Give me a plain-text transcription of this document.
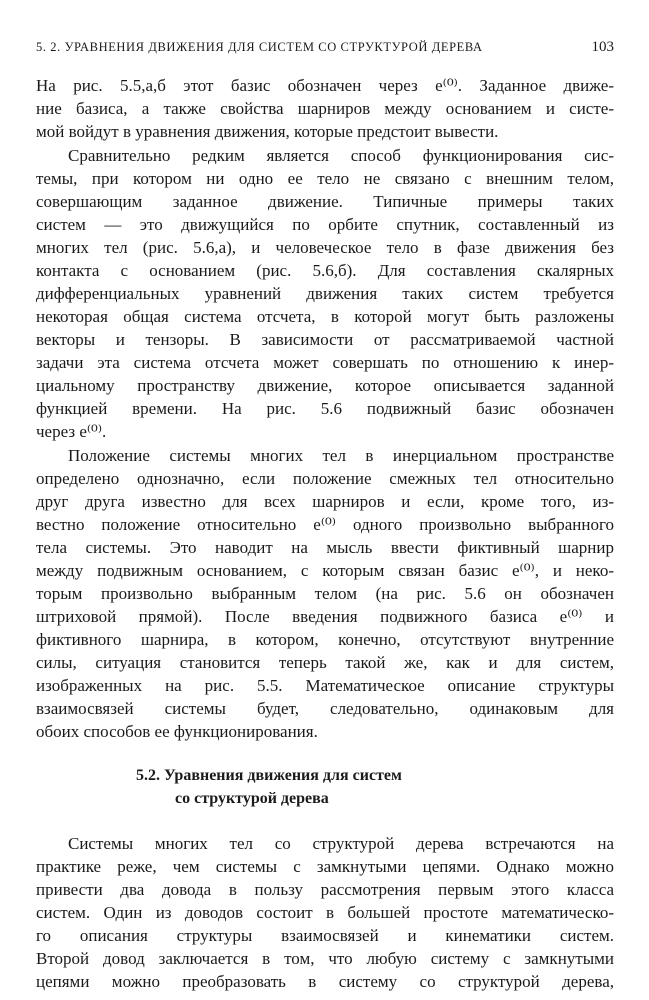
5. 2. УРАВНЕНИЯ ДВИЖЕНИЯ ДЛЯ СИСТЕМ СО СТРУКТУРОЙ ДЕРЕВА	103
На рис. 5.5,а,б этот базис обозначен через e⁽⁰⁾. Заданное движе-
ние базиса, а также свойства шарниров между основанием и систе-
мой войдут в уравнения движения, которые предстоит вывести.
Сравнительно редким является способ функционирования сис-
темы, при котором ни одно ее тело не связано с внешним телом,
совершающим заданное движение. Типичные примеры таких
систем — это движущийся по орбите спутник, составленный из
многих тел (рис. 5.6,а), и человеческое тело в фазе движения без
контакта с основанием (рис. 5.6,б). Для составления скалярных
дифференциальных уравнений движения таких систем требуется
некоторая общая система отсчета, в которой могут быть разложены
векторы и тензоры. В зависимости от рассматриваемой частной
задачи эта система отсчета может совершать по отношению к инер-
циальному пространству движение, которое описывается заданной
функцией времени. На рис. 5.6 подвижный базис обозначен
через e⁽⁰⁾.
Положение системы многих тел в инерциальном пространстве
определено однозначно, если положение смежных тел относительно
друг друга известно для всех шарниров и если, кроме того, из-
вестно положение относительно e⁽⁰⁾ одного произвольно выбранного
тела системы. Это наводит на мысль ввести фиктивный шарнир
между подвижным основанием, с которым связан базис e⁽⁰⁾, и неко-
торым произвольно выбранным телом (на рис. 5.6 он обозначен
штриховой прямой). После введения подвижного базиса e⁽⁰⁾ и
фиктивного шарнира, в котором, конечно, отсутствуют внутренние
силы, ситуация становится теперь такой же, как и для систем,
изображенных на рис. 5.5. Математическое описание структуры
взаимосвязей системы будет, следовательно, одинаковым для
обоих способов ее функционирования.
5.2. Уравнения движения для систем
со структурой дерева
Системы многих тел со структурой дерева встречаются на
практике реже, чем системы с замкнутыми цепями. Однако можно
привести два довода в пользу рассмотрения первым этого класса
систем. Один из доводов состоит в большей простоте математическо-
го описания структуры взаимосвязей и кинематики систем.
Второй довод заключается в том, что любую систему с замкнутыми
цепями можно преобразовать в систему со структурой дерева,
